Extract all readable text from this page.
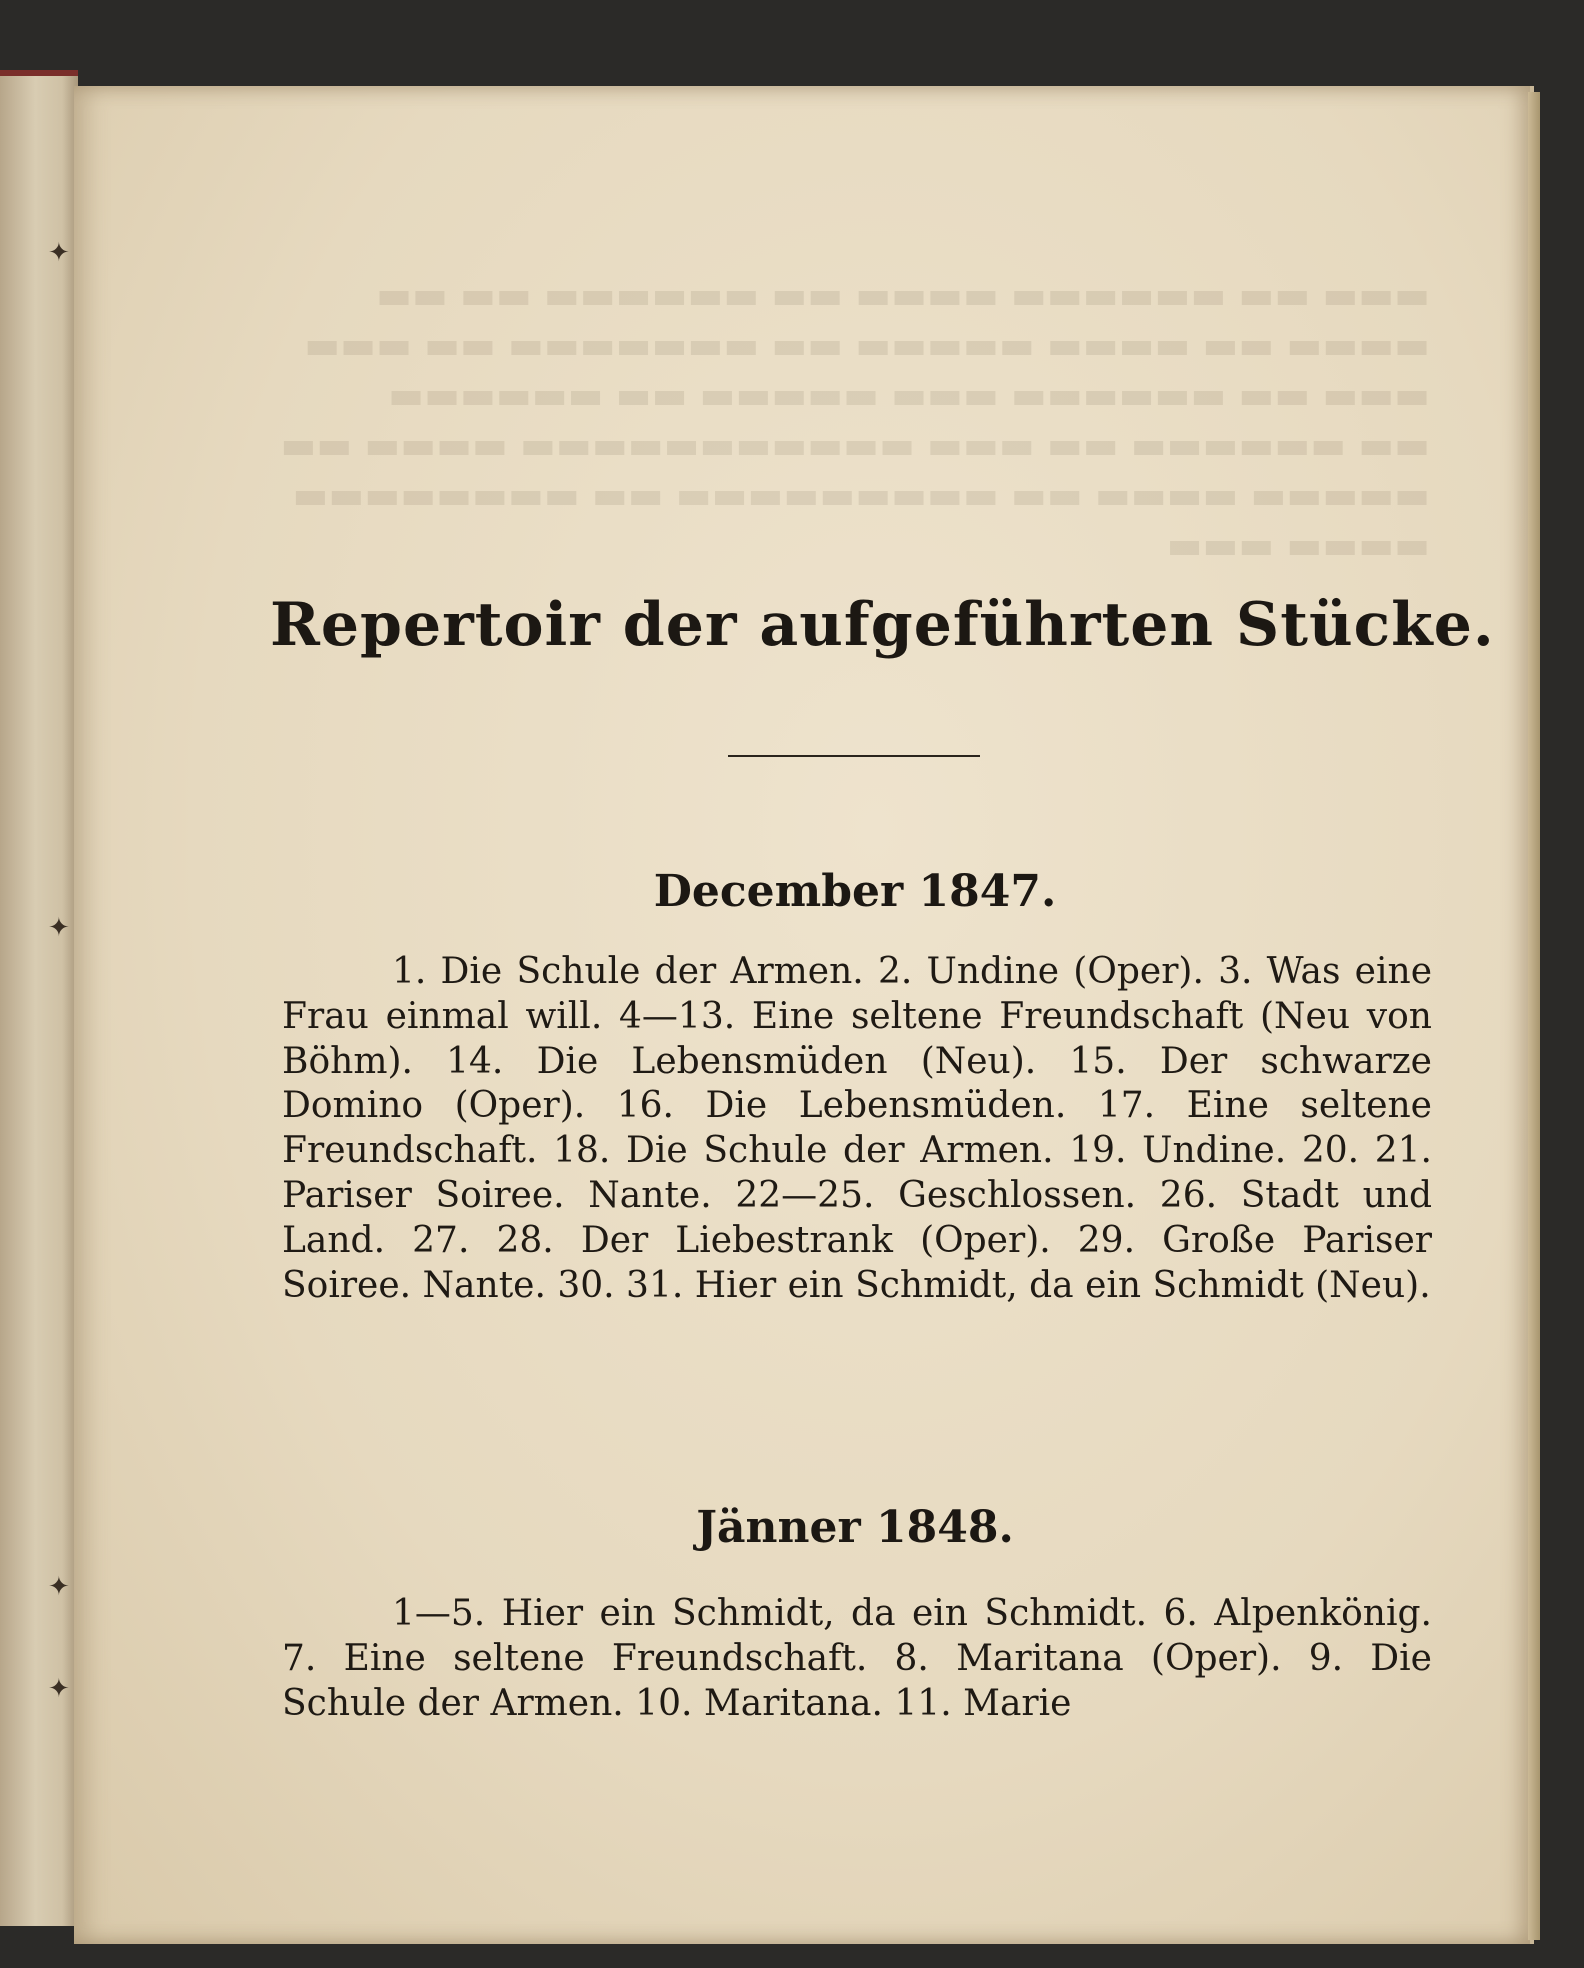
✦
✦
✦
✦

Repertoir der aufgeführten Stücke.
December 1847.
1. Die Schule der Armen. 2. Undine (Oper). 3. Was eine Frau einmal will. 4—13. Eine seltene Freundschaft (Neu von Böhm). 14. Die Lebensmüden (Neu). 15. Der schwarze Domino (Oper). 16. Die Lebensmüden. 17. Eine seltene Freundschaft. 18. Die Schule der Armen. 19. Undine. 20. 21. Pariser Soiree. Nante. 22—25. Geschlossen. 26. Stadt und Land. 27. 28. Der Liebestrank (Oper). 29. Große Pariser Soiree. Nante. 30. 31. Hier ein Schmidt, da ein Schmidt (Neu).
Jänner 1848.
1—5. Hier ein Schmidt, da ein Schmidt. 6. Alpenkönig. 7. Eine seltene Freundschaft. 8. Maritana (Oper). 9. Die Schule der Armen. 10. Maritana. 11. Marie
